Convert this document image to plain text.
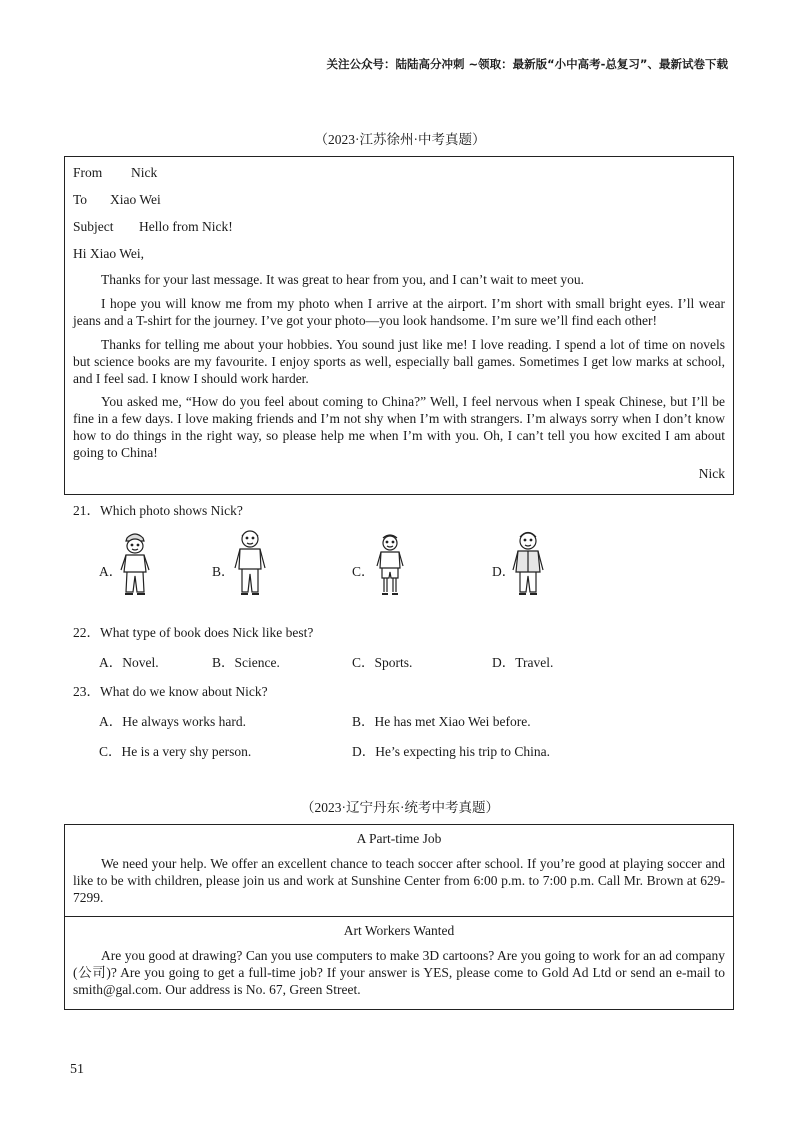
关注公众号：陆陆高分冲刺 ~领取：最新版“小中高考-总复习”、最新试卷下载
（2023·江苏徐州·中考真题）
From Nick
To Xiao Wei
Subject Hello from Nick!
Hi Xiao Wei,

Thanks for your last message. It was great to hear from you, and I can’t wait to meet you.

I hope you will know me from my photo when I arrive at the airport. I’m short with small bright eyes. I’ll wear jeans and a T-shirt for the journey. I’ve got your photo—you look handsome. I’m sure we’ll find each other!

Thanks for telling me about your hobbies. You sound just like me! I love reading. I spend a lot of time on novels but science books are my favourite. I enjoy sports as well, especially ball games. Sometimes I get low marks at school, and I feel sad. I know I should work harder.

You asked me, “How do you feel about coming to China?” Well, I feel nervous when I speak Chinese, but I’ll be fine in a few days. I love making friends and I’m not shy when I’m with strangers. I’m always sorry when I don’t know how to do things in the right way, so please help me when I’m with you. Oh, I can’t tell you how excited I am about going to China!

Nick
21．Which photo shows Nick?
A．	B．	C．	D．
22．What type of book does Nick like best?
A．Novel.	B．Science.	C．Sports.	D．Travel.
23．What do we know about Nick?
A．He always works hard.	B．He has met Xiao Wei before.
C．He is a very shy person.	D．He’s expecting his trip to China.
（2023·辽宁丹东·统考中考真题）
A Part-time Job

We need your help. We offer an excellent chance to teach soccer after school. If you’re good at playing soccer and like to be with children, please join us and work at Sunshine Center from 6:00 p.m. to 7:00 p.m. Call Mr. Brown at 629-7299.

Art Workers Wanted

Are you good at drawing? Can you use computers to make 3D cartoons? Are you going to work for an ad company (公司)? Are you going to get a full-time job? If your answer is YES, please come to Gold Ad Ltd or send an e-mail to smith@gal.com. Our address is No. 67, Green Street.

51
